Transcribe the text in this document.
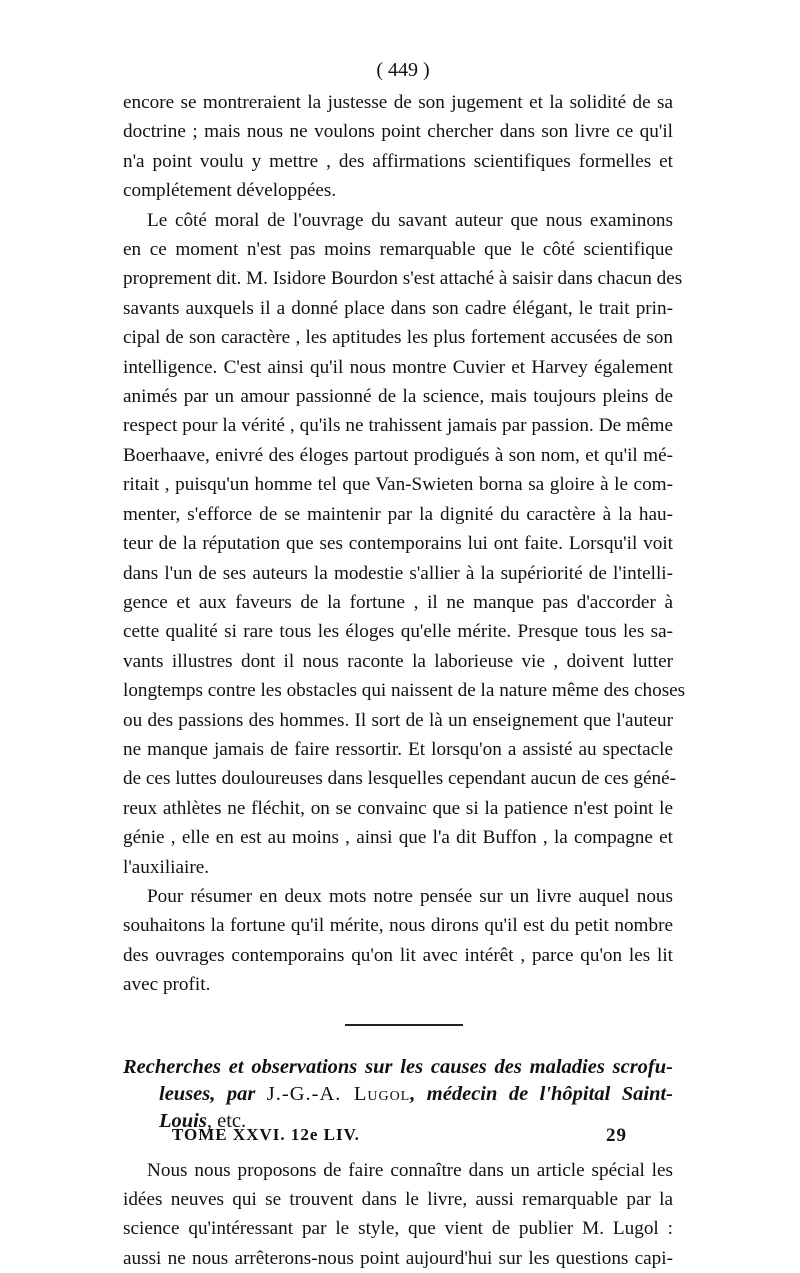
( 449 )

encore se montreraient la justesse de son jugement et la solidité de sa
doctrine ; mais nous ne voulons point chercher dans son livre ce qu'il
n'a point voulu y mettre , des affirmations scientifiques formelles et
complétement développées.

Le côté moral de l'ouvrage du savant auteur que nous examinons
en ce moment n'est pas moins remarquable que le côté scientifique
proprement dit. M. Isidore Bourdon s'est attaché à saisir dans chacun des
savants auxquels il a donné place dans son cadre élégant, le trait prin-
cipal de son caractère , les aptitudes les plus fortement accusées de son
intelligence. C'est ainsi qu'il nous montre Cuvier et Harvey également
animés par un amour passionné de la science, mais toujours pleins de
respect pour la vérité , qu'ils ne trahissent jamais par passion. De même
Boerhaave, enivré des éloges partout prodigués à son nom, et qu'il mé-
ritait , puisqu'un homme tel que Van-Swieten borna sa gloire à le com-
menter, s'efforce de se maintenir par la dignité du caractère à la hau-
teur de la réputation que ses contemporains lui ont faite. Lorsqu'il voit
dans l'un de ses auteurs la modestie s'allier à la supériorité de l'intelli-
gence et aux faveurs de la fortune , il ne manque pas d'accorder à
cette qualité si rare tous les éloges qu'elle mérite. Presque tous les sa-
vants illustres dont il nous raconte la laborieuse vie , doivent lutter
longtemps contre les obstacles qui naissent de la nature même des choses
ou des passions des hommes. Il sort de là un enseignement que l'auteur
ne manque jamais de faire ressortir. Et lorsqu'on a assisté au spectacle
de ces luttes douloureuses dans lesquelles cependant aucun de ces géné-
reux athlètes ne fléchit, on se convainc que si la patience n'est point le
génie , elle en est au moins , ainsi que l'a dit Buffon , la compagne et
l'auxiliaire.

Pour résumer en deux mots notre pensée sur un livre auquel nous
souhaitons la fortune qu'il mérite, nous dirons qu'il est du petit nombre
des ouvrages contemporains qu'on lit avec intérêt , parce qu'on les lit
avec profit.

Recherches et observations sur les causes des maladies scrofu-
leuses, par J.-G.-A. Lugol, médecin de l'hôpital Saint-
Louis, etc.

Nous nous proposons de faire connaître dans un article spécial les
idées neuves qui se trouvent dans le livre, aussi remarquable par la
science qu'intéressant par le style, que vient de publier M. Lugol :
aussi ne nous arrêterons-nous point aujourd'hui sur les questions capi-

TOME XXVI. 12e LIV.	29
